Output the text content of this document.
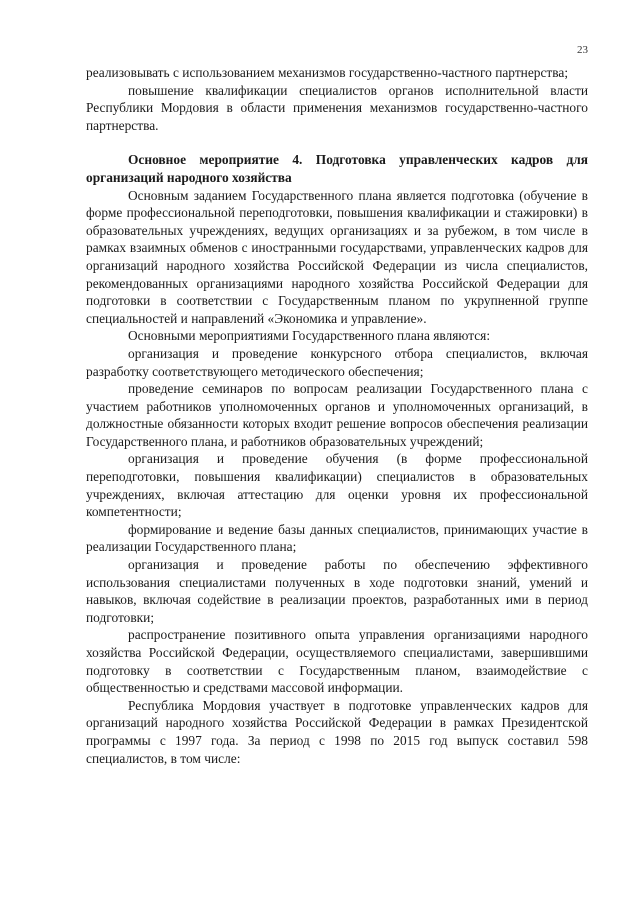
23

реализовывать с использованием механизмов государственно-частного партнерства;

повышение квалификации специалистов органов исполнительной власти Республики Мордовия в области применения механизмов государственно-частного партнерства.

Основное мероприятие 4. Подготовка управленческих кадров для организаций народного хозяйства

Основным заданием Государственного плана является подготовка (обучение в форме профессиональной переподготовки, повышения квалификации и стажировки) в образовательных учреждениях, ведущих организациях и за рубежом, в том числе в рамках взаимных обменов с иностранными государствами, управленческих кадров для организаций народного хозяйства Российской Федерации из числа специалистов, рекомендованных организациями народного хозяйства Российской Федерации для подготовки в соответствии с Государственным планом по укрупненной группе специальностей и направлений «Экономика и управление».

Основными мероприятиями Государственного плана являются:

организация и проведение конкурсного отбора специалистов, включая разработку соответствующего методического обеспечения;

проведение семинаров по вопросам реализации Государственного плана с участием работников уполномоченных органов и уполномоченных организаций, в должностные обязанности которых входит решение вопросов обеспечения реализации Государственного плана, и работников образовательных учреждений;

организация и проведение обучения (в форме профессиональной переподготовки, повышения квалификации) специалистов в образовательных учреждениях, включая аттестацию для оценки уровня их профессиональной компетентности;

формирование и ведение базы данных специалистов, принимающих участие в реализации Государственного плана;

организация и проведение работы по обеспечению эффективного использования специалистами полученных в ходе подготовки знаний, умений и навыков, включая содействие в реализации проектов, разработанных ими в период подготовки;

распространение позитивного опыта управления организациями народного хозяйства Российской Федерации, осуществляемого специалистами, завершившими подготовку в соответствии с Государственным планом, взаимодействие с общественностью и средствами массовой информации.

Республика Мордовия участвует в подготовке управленческих кадров для организаций народного хозяйства Российской Федерации в рамках Президентской программы с 1997 года. За период с 1998 по 2015 год выпуск составил 598 специалистов, в том числе:
